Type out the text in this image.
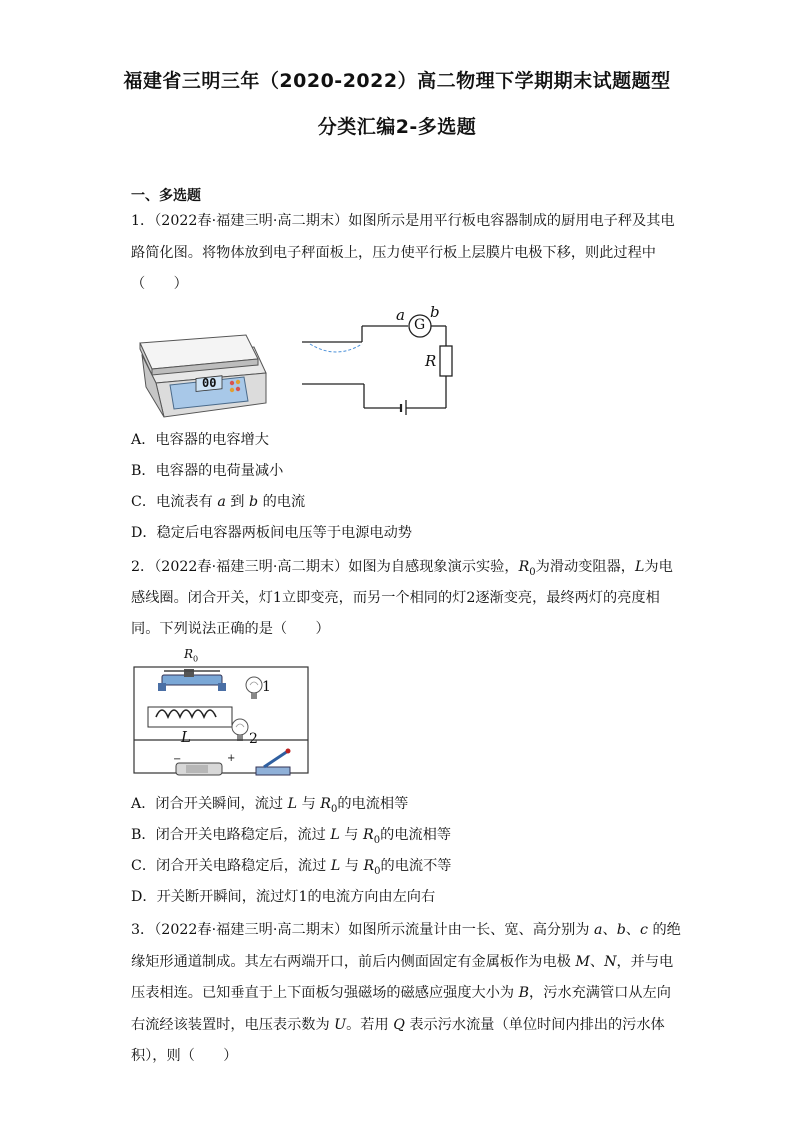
福建省三明三年（2020-2022）高二物理下学期期末试题题型
分类汇编2-多选题
一、多选题
1．（2022春·福建三明·高二期末）如图所示是用平行板电容器制成的厨用电子秤及其电
路简化图。将物体放到电子秤面板上，压力使平行板上层膜片电极下移，则此过程中
（　　）
00
a b
G
R
A．电容器的电容增大
B．电容器的电荷量减小
C．电流表有 a 到 b 的电流
D．稳定后电容器两板间电压等于电源电动势
2．（2022春·福建三明·高二期末）如图为自感现象演示实验，$R_0$为滑动变阻器，L为电
感线圈。闭合开关，灯1立即变亮，而另一个相同的灯2逐渐变亮，最终两灯的亮度相
同。下列说法正确的是（　　）
$R_0$
1
2
L
−	+
A．闭合开关瞬间，流过 L 与 $R_0$的电流相等
B．闭合开关电路稳定后，流过 L 与 $R_0$的电流相等
C．闭合开关电路稳定后，流过 L 与 $R_0$的电流不等
D．开关断开瞬间，流过灯1的电流方向由左向右
3．（2022春·福建三明·高二期末）如图所示流量计由一长、宽、高分别为 a、b、c 的绝
缘矩形通道制成。其左右两端开口，前后内侧面固定有金属板作为电极 M、N，并与电
压表相连。已知垂直于上下面板匀强磁场的磁感应强度大小为 B，污水充满管口从左向
右流经该装置时，电压表示数为 U。若用 Q 表示污水流量（单位时间内排出的污水体
积），则（　　）
